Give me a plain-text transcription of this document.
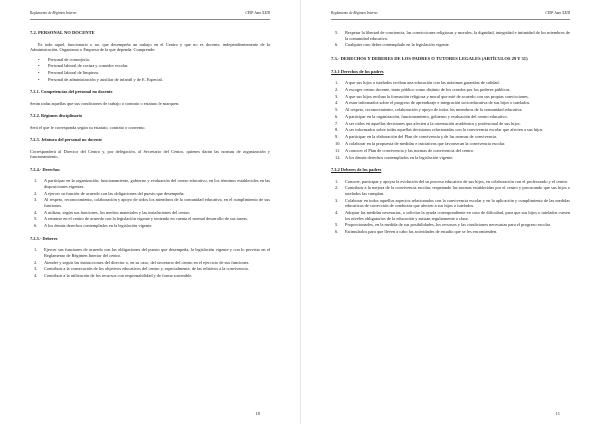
Reglamento de Régimen Interno	CEIP Juan XXIII
7.2. PERSONAL NO DOCENTE

Es todo aquel, funcionario o no, que desempeña un trabajo en el Centro y que no es docente, independientemente de la Administración, Organismo o Empresa de la que dependa. Comprende:

• Personal de conserjería.
• Personal laboral de cocina y comedor escolar.
• Personal laboral de limpieza.
• Personal de administración y auxiliar de infantil y de E. Especial.
7.2.1. Competencias del personal no docente

Serán todas aquellas que sus condiciones de trabajo o contrato o estatuto le marquen.

7.2.2. Régimen disciplinario

Será el que le corresponda según su estatuto, contrato o convenio.

7.2.3. Jefatura del personal no docente

Corresponderá al Director del Centro y, por delegación, al Secretario del Centro, quienes darán las normas de organización y funcionamiento.

7.2.4.- Derechos
1.	A participar en la organización, funcionamiento, gobierno y evaluación del centro educativo, en los términos establecidos en las disposiciones vigentes.
2.	A ejercer su función de acuerdo con las obligaciones del puesto que desempeña.
3.	Al respeto, reconocimiento, colaboración y apoyo de todos los miembros de la comunidad educativa, en el cumplimiento de sus funciones.
4.	A utilizar, según sus funciones, los medios materiales y las instalaciones del centro.
5.	A reunirse en el centro de acuerdo con la legislación vigente y teniendo en cuenta el normal desarrollo de sus tareas.
6.	A los demás derechos contemplados en la legislación vigente.
7.2.5.- Deberes
1.	Ejercer sus funciones de acuerdo con las obligaciones del puesto que desempeña, la legislación vigente y con lo previsto en el Reglamento de Régimen Interior del centro.
2.	Atender y seguir las instrucciones del director o, en su caso, del secretario del centro en el ejercicio de sus funciones.
3.	Contribuir a la consecución de los objetivos educativos del centro y, especialmente, de las relativos a la convivencia.
4.	Contribuir a la utilización de los recursos con responsabilidad y de forma sostenible.
10
Reglamento de Régimen Interno	CEIP Juan XXIII
5.	Respetar la libertad de conciencia, las convicciones religiosas y morales, la dignidad, integridad e intimidad de los miembros de la comunidad educativa.
6.	Cualquier otro deber contemplado en la legislación vigente.
7.3.- DERECHOS Y DEBERES DE LOS PADRES O TUTORES LEGALES (ARTÍCULOS 29 Y 31)
7.3.1 Derechos de los padres
1.	A que sus hijos o tutelados reciban una educación con las máximas garantías de calidad.
2.	A escoger centro docente, tanto público como distinto de los creados por los poderes públicos.
3.	A que sus hijos reciban la formación religiosa y moral que esté de acuerdo con sus propias convicciones.
4.	A estar informados sobre el progreso de aprendizaje e integración socioeducativa de sus hijos o tutelados.
5.	Al respeto, reconocimiento, colaboración y apoyo de todos los miembros de la comunidad educativa.
6.	A participar en la organización, funcionamiento, gobierno y evaluación del centro educativo.
7.	A ser oídos en aquellas decisiones que afecten a la orientación académica y profesional de sus hijos.
8.	A ser informados sobre todas aquellas decisiones relacionadas con la convivencia escolar que afecten a sus hijos.
9.	A participar en la elaboración del Plan de convivencia y de las normas de convivencia.
10.	A colaborar en la propuesta de medidas e iniciativas que favorezcan la convivencia escolar.
11.	A conocer el Plan de convivencia y las normas de convivencia del centro.
12.	A los demás derechos contemplados en la legislación vigente.
7.3.2 Deberes de los padres
1.	Conocer, participar y apoyar la evolución del su proceso educativo de sus hijos, en colaboración con el profesorado y el centro.
2.	Contribuir a la mejora de la convivencia escolar, respetando las normas establecidas por el centro y procurando que sus hijos o tutelados las cumplan.
3.	Colaborar en todos aquellos aspectos relacionados con la convivencia escolar y en la aplicación y cumplimiento de las medidas educativas de corrección de conductas que afecten a sus hijos o tutelados.
4.	Adoptar las medidas necesarias, o solicitar la ayuda correspondiente en caso de dificultad, para que sus hijos o tutelados cursen los niveles obligatorios de la educación y asistan regularmente a clase.
5.	Proporcionarles, en la medida de sus posibilidades, los recursos y las condiciones necesarias para el progreso escolar.
6.	Estimularlos para que lleven a cabo las actividades de estudio que se les encomienden.
11
